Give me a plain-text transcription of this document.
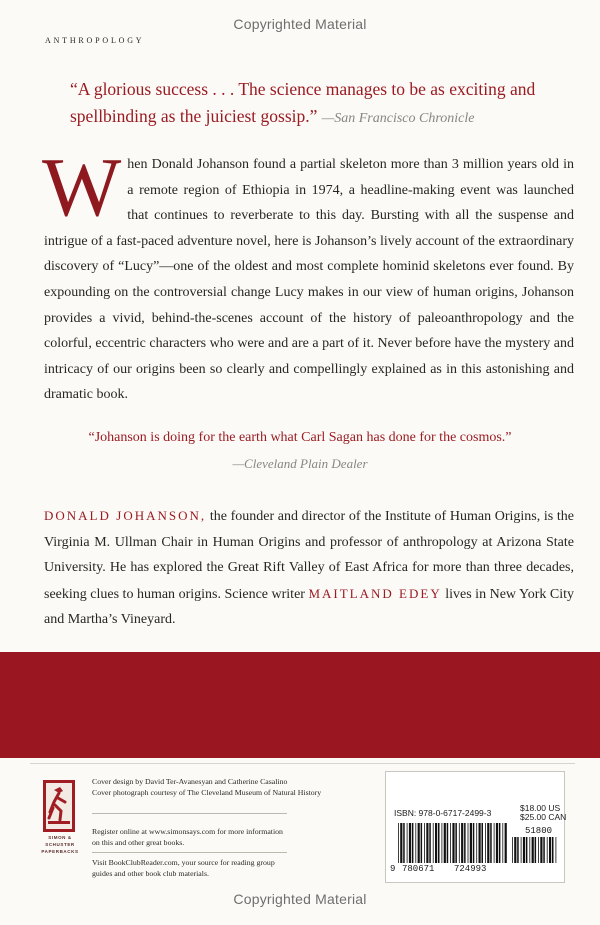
Copyrighted Material
ANTHROPOLOGY
“A glorious success . . . The science manages to be as exciting and spellbinding as the juiciest gossip.” —San Francisco Chronicle
When Donald Johanson found a partial skeleton more than 3 million years old in a remote region of Ethiopia in 1974, a headline-making event was launched that continues to reverberate to this day. Bursting with all the suspense and intrigue of a fast-paced adventure novel, here is Johanson’s lively account of the extraordinary discovery of “Lucy”—one of the oldest and most complete hominid skeletons ever found. By expounding on the controversial change Lucy makes in our view of human origins, Johanson provides a vivid, behind-the-scenes account of the history of paleoanthropology and the colorful, eccentric characters who were and are a part of it. Never before have the mystery and intricacy of our origins been so clearly and compellingly explained as in this astonishing and dramatic book.
“Johanson is doing for the earth what Carl Sagan has done for the cosmos.”
—Cleveland Plain Dealer
DONALD JOHANSON, the founder and director of the Institute of Human Origins, is the Virginia M. Ullman Chair in Human Origins and professor of anthropology at Arizona State University. He has explored the Great Rift Valley of East Africa for more than three decades, seeking clues to human origins. Science writer MAITLAND EDEY lives in New York City and Martha’s Vineyard.
SIMON &
SCHUSTER
PAPERBACKS
Cover design by David Ter-Avanesyan and Catherine Casalino
Cover photograph courtesy of The Cleveland Museum of Natural History
Register online at www.simonsays.com for more information on this and other great books.
Visit BookClubReader.com, your source for reading group guides and other book club materials.
ISBN: 978-0-6717-2499-3	$18.00 US
$25.00 CAN
51800
9 780671 724993
Copyrighted Material
